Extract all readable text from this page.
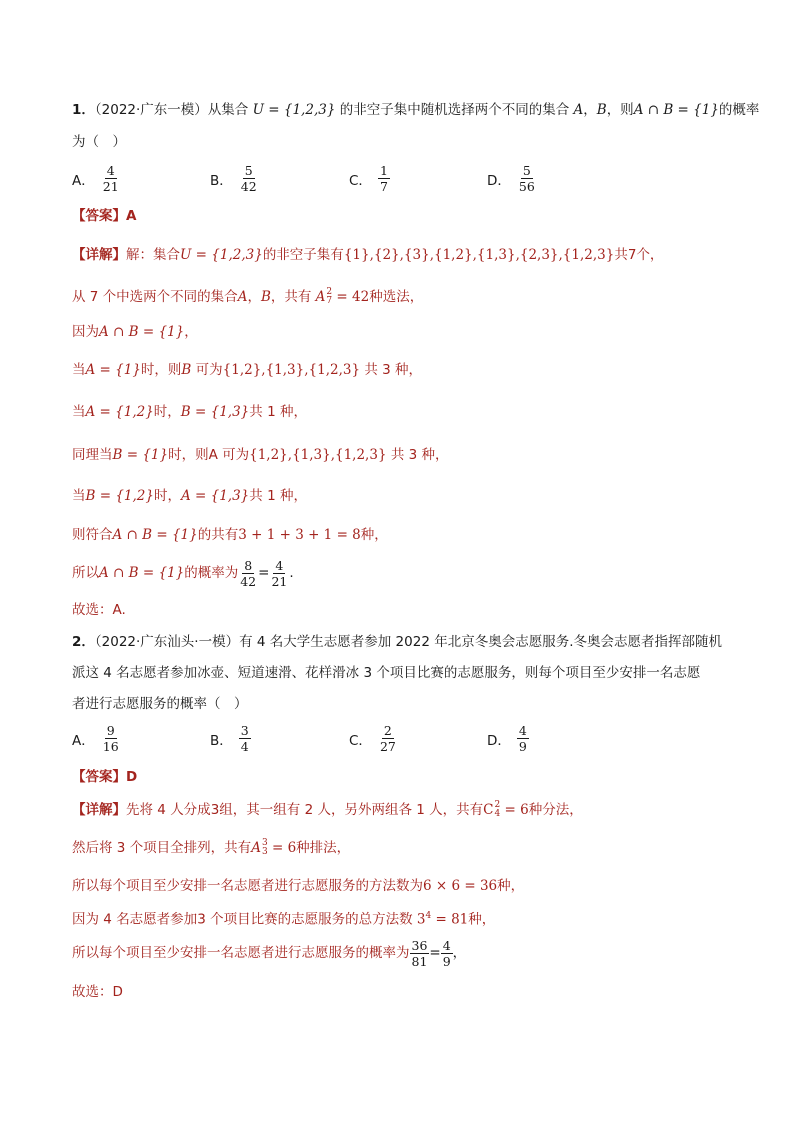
1．（2022·广东一模）从集合 U = {1,2,3} 的非空子集中随机选择两个不同的集合 A，B，则A ∩ B = {1}的概率
为（　）
A． $\frac{4}{21}$	B． $\frac{5}{42}$	C． $\frac{1}{7}$	D． $\frac{5}{56}$
【答案】A
【详解】解：集合U = {1,2,3}的非空子集有{1},{2},{3},{1,2},{1,3},{2,3},{1,2,3}共7个，
从 7 个中选两个不同的集合A，B，共有 A 2
7 = 42种选法，
因为A ∩ B = {1}，
当A = {1}时，则B 可为{1,2},{1,3},{1,2,3} 共 3 种，
当A = {1,2}时，B = {1,3}共 1 种，
同理当B = {1}时，则A 可为{1,2},{1,3},{1,2,3} 共 3 种，
当B = {1,2}时，A = {1,3}共 1 种，
则符合A ∩ B = {1}的共有3 + 1 + 3 + 1 = 8种，
所以A ∩ B = {1}的概率为 $\frac{8}{42} = \frac{4}{21}$ .
故选：A.
2．（2022·广东汕头·一模）有 4 名大学生志愿者参加 2022 年北京冬奥会志愿服务.冬奥会志愿者指挥部随机
派这 4 名志愿者参加冰壶、短道速滑、花样滑冰 3 个项目比赛的志愿服务，则每个项目至少安排一名志愿
者进行志愿服务的概率（　）
A． $\frac{9}{16}$	B． $\frac{3}{4}$	C． $\frac{2}{27}$	D． $\frac{4}{9}$
【答案】D
【详解】先将 4 人分成3组，其一组有 2 人，另外两组各 1 人，共有C 2
4 = 6种分法，
然后将 3 个项目全排列，共有A 3
3 = 6种排法，
所以每个项目至少安排一名志愿者进行志愿服务的方法数为6 × 6 = 36种，
因为 4 名志愿者参加3 个项目比赛的志愿服务的总方法数 $3^4 = 81$种，
所以每个项目至少安排一名志愿者进行志愿服务的概率为 $\frac{36}{81} = \frac{4}{9}$ ，
故选：D
